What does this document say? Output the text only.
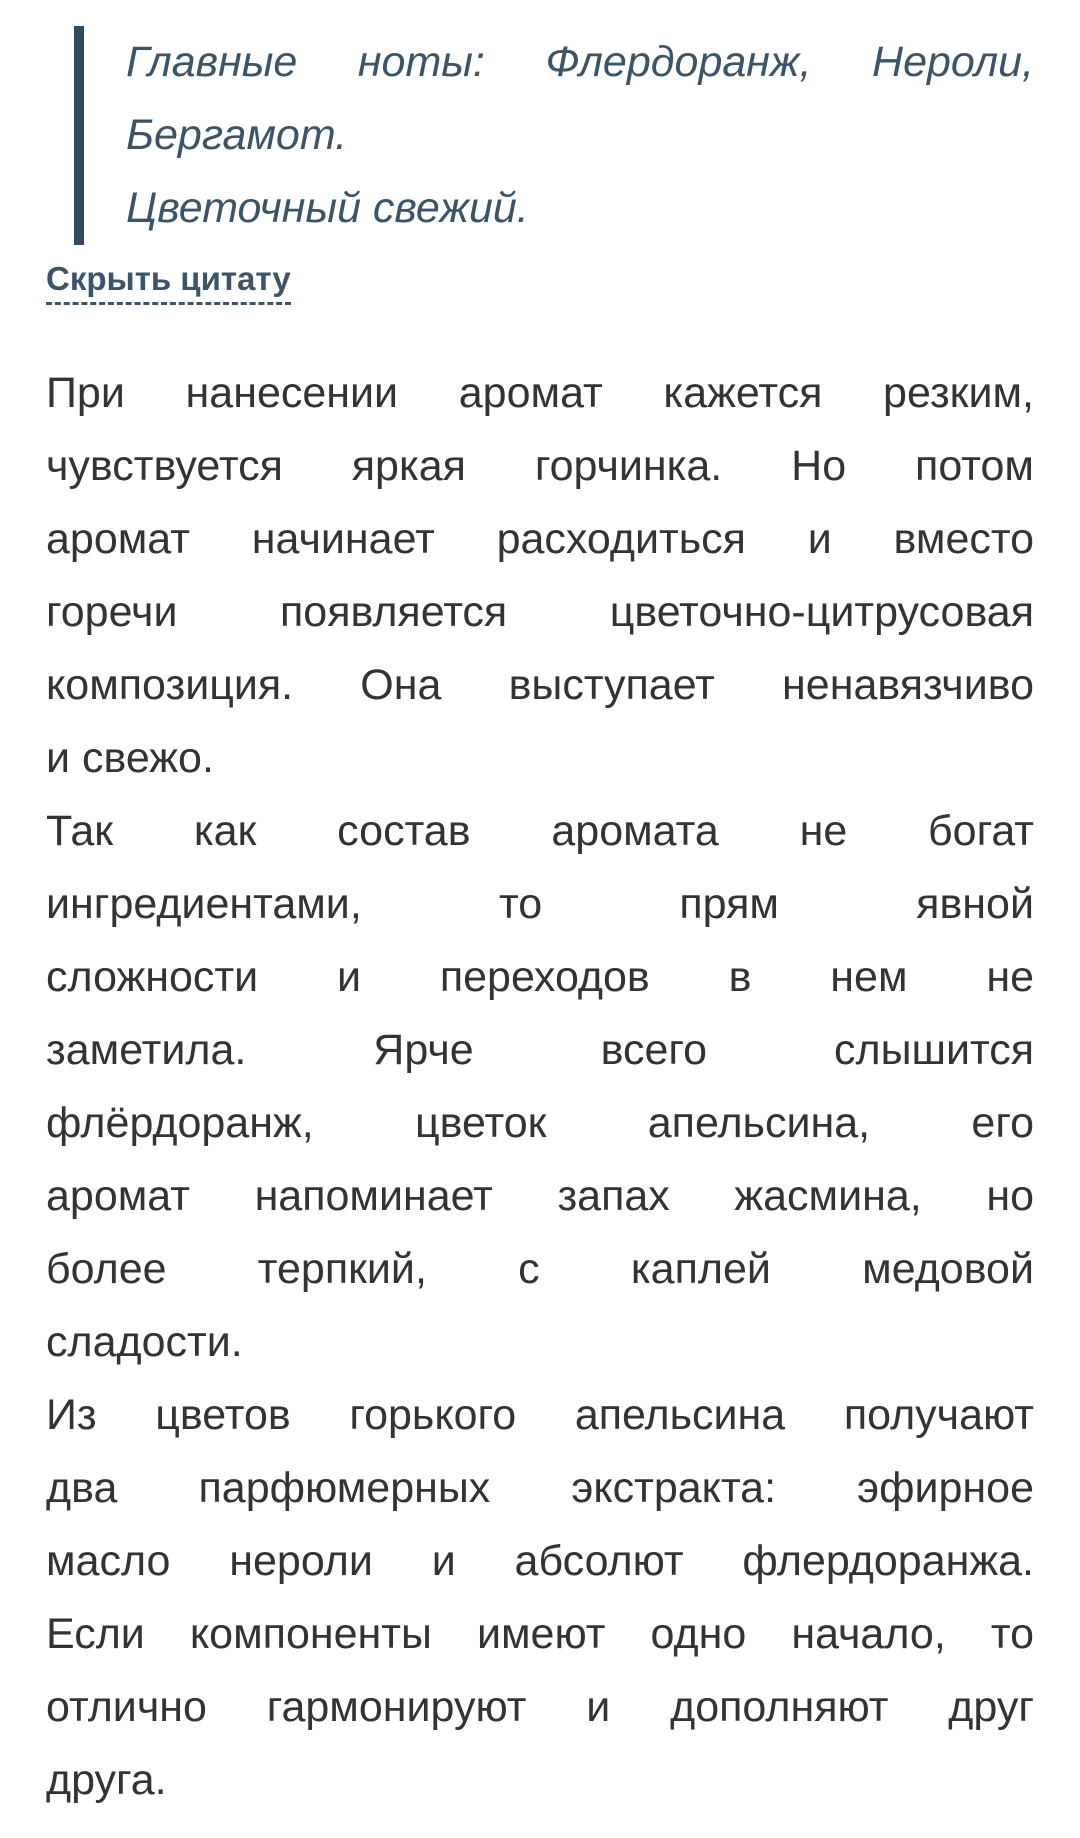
Главные ноты: Флердоранж, Нероли,
Бергамот.
Цветочный свежий.
Скрыть цитату

При нанесении аромат кажется резким,
чувствуется яркая горчинка. Но потом
аромат начинает расходиться и вместо
горечи появляется цветочно-цитрусовая
композиция. Она выступает ненавязчиво
и свежо.

Так как состав аромата не богат
ингредиентами, то прям явной
сложности и переходов в нем не
заметила. Ярче всего слышится
флёрдоранж, цветок апельсина, его
аромат напоминает запах жасмина, но
более терпкий, с каплей медовой
сладости.

Из цветов горького апельсина получают
два парфюмерных экстракта: эфирное
масло нероли и абсолют флердоранжа.
Если компоненты имеют одно начало, то
отлично гармонируют и дополняют друг
друга.
